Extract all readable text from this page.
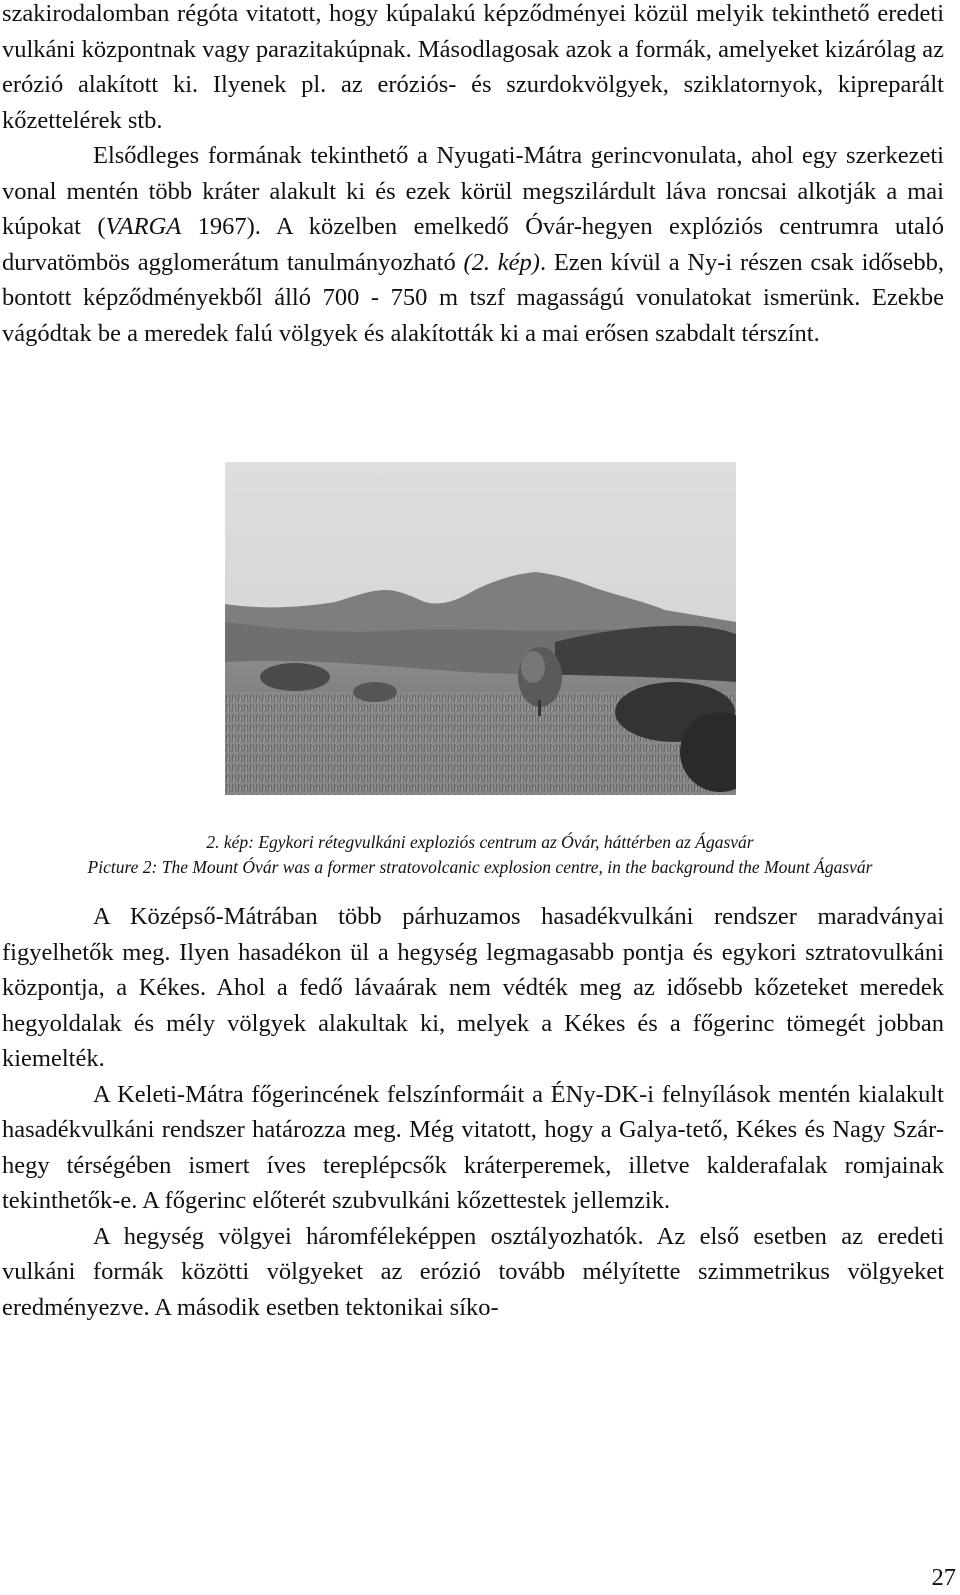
szakirodalomban régóta vitatott, hogy kúpalakú képződményei közül melyik tekinthető eredeti vulkáni központnak vagy parazitakúpnak. Másodlagosak azok a formák, amelyeket kizárólag az erózió alakított ki. Ilyenek pl. az eróziós- és szurdokvölgyek, sziklatornyok, kipreparált kőzettelérek stb.

Elsődleges formának tekinthető a Nyugati-Mátra gerincvonulata, ahol egy szerkezeti vonal mentén több kráter alakult ki és ezek körül megszilárdult láva roncsai alkotják a mai kúpokat (VARGA 1967). A közelben emelkedő Óvár-hegyen explóziós centrumra utaló durvatömbös agglomerátum tanulmányozható (2. kép). Ezen kívül a Ny-i részen csak idősebb, bontott képződményekből álló 700 - 750 m tszf magasságú vonulatokat ismerünk. Ezekbe vágódtak be a meredek falú völgyek és alakították ki a mai erősen szabdalt térszínt.

2. kép: Egykori rétegvulkáni exploziós centrum az Óvár, háttérben az Ágasvár
Picture 2: The Mount Óvár was a former stratovolcanic explosion centre, in the background the Mount Ágasvár

A Középső-Mátrában több párhuzamos hasadékvulkáni rendszer maradványai figyelhetők meg. Ilyen hasadékon ül a hegység legmagasabb pontja és egykori sztratovulkáni központja, a Kékes. Ahol a fedő lávaárak nem védték meg az idősebb kőzeteket meredek hegyoldalak és mély völgyek alakultak ki, melyek a Kékes és a főgerinc tömegét jobban kiemelték.

A Keleti-Mátra főgerincének felszínformáit a ÉNy-DK-i felnyílások mentén kialakult hasadékvulkáni rendszer határozza meg. Még vitatott, hogy a Galya-tető, Kékes és Nagy Szár-hegy térségében ismert íves tereplépcsők kráterperemek, illetve kalderafalak romjainak tekinthetők-e. A főgerinc előterét szubvulkáni kőzettestek jellemzik.

A hegység völgyei háromféleképpen osztályozhatók. Az első esetben az eredeti vulkáni formák közötti völgyeket az erózió tovább mélyítette szimmetrikus völgyeket eredményezve. A második esetben tektonikai síko-

27
